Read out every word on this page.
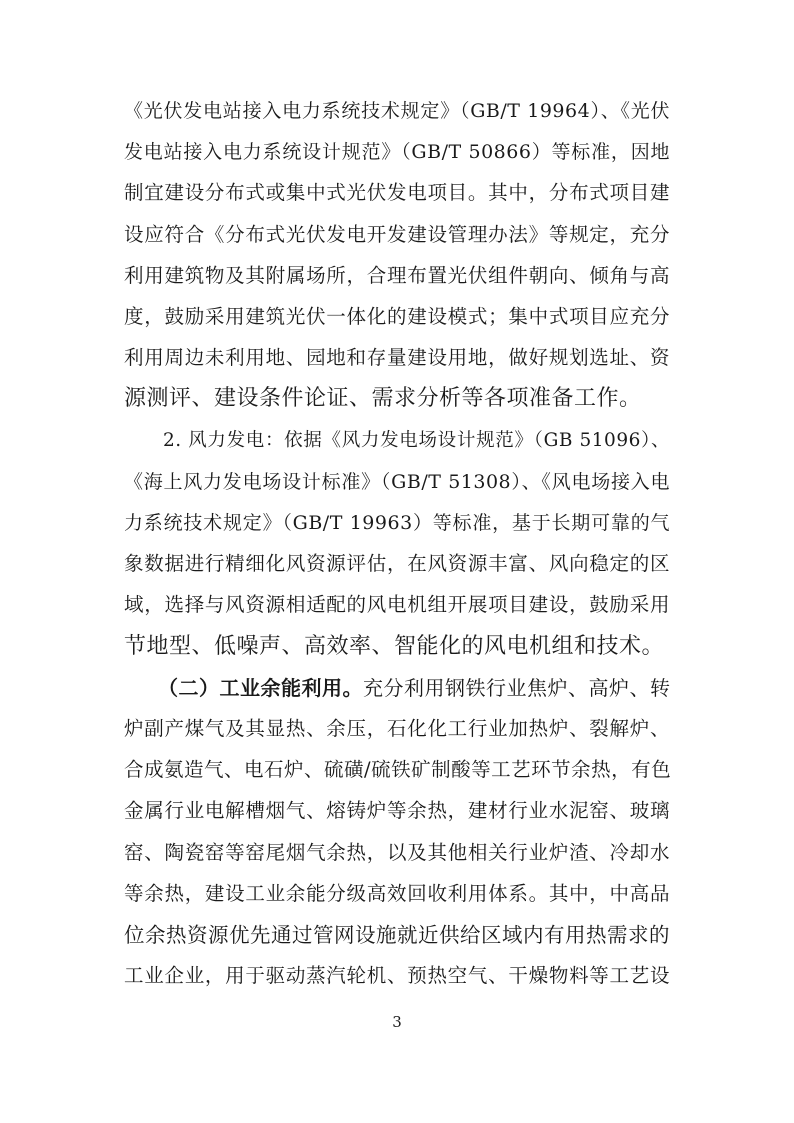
《光伏发电站接入电力系统技术规定》（GB/T 19964）、《光伏
发电站接入电力系统设计规范》（GB/T 50866）等标准，因地
制宜建设分布式或集中式光伏发电项目。其中，分布式项目建
设应符合《分布式光伏发电开发建设管理办法》等规定，充分
利用建筑物及其附属场所，合理布置光伏组件朝向、倾角与高
度，鼓励采用建筑光伏一体化的建设模式；集中式项目应充分
利用周边未利用地、园地和存量建设用地，做好规划选址、资
源测评、建设条件论证、需求分析等各项准备工作。
2. 风力发电：依据《风力发电场设计规范》（GB 51096）、
《海上风力发电场设计标准》（GB/T 51308）、《风电场接入电
力系统技术规定》（GB/T 19963）等标准，基于长期可靠的气
象数据进行精细化风资源评估，在风资源丰富、风向稳定的区
域，选择与风资源相适配的风电机组开展项目建设，鼓励采用
节地型、低噪声、高效率、智能化的风电机组和技术。
（二）工业余能利用。充分利用钢铁行业焦炉、高炉、转
炉副产煤气及其显热、余压，石化化工行业加热炉、裂解炉、
合成氨造气、电石炉、硫磺/硫铁矿制酸等工艺环节余热，有色
金属行业电解槽烟气、熔铸炉等余热，建材行业水泥窑、玻璃
窑、陶瓷窑等窑尾烟气余热，以及其他相关行业炉渣、冷却水
等余热，建设工业余能分级高效回收利用体系。其中，中高品
位余热资源优先通过管网设施就近供给区域内有用热需求的
工业企业，用于驱动蒸汽轮机、预热空气、干燥物料等工艺设
3
